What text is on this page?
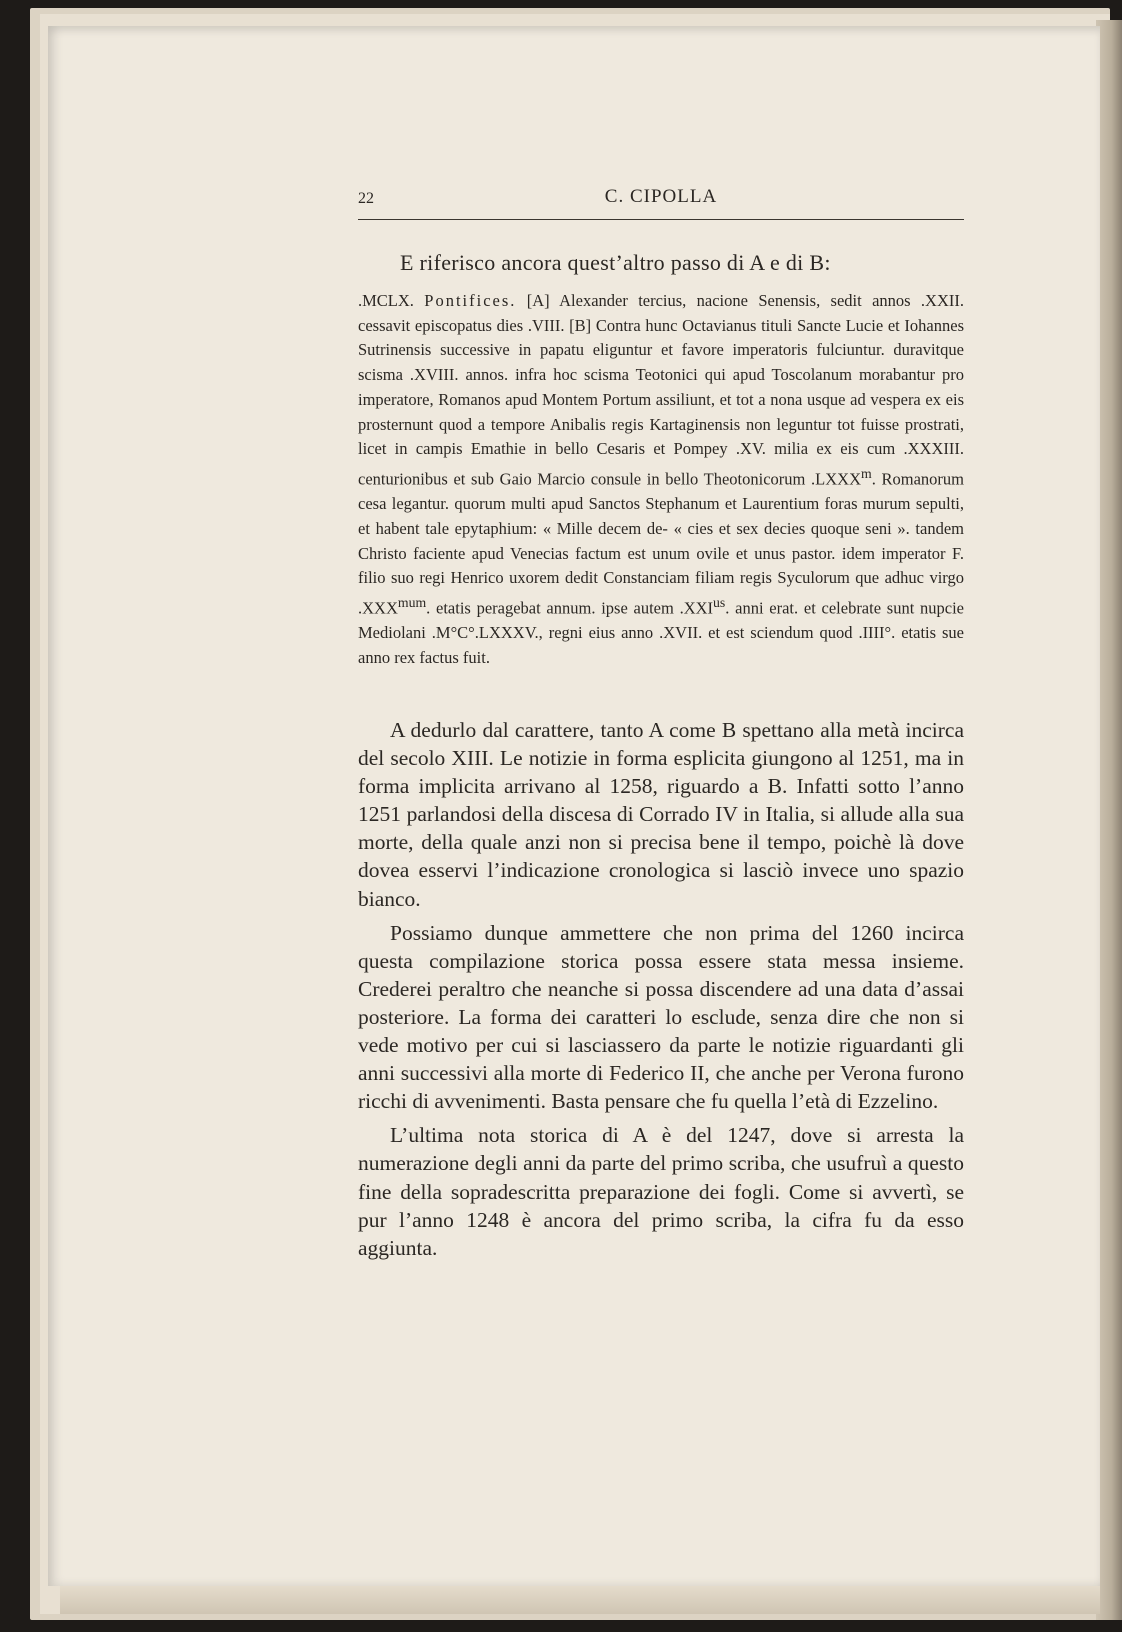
22	C. CIPOLLA
E riferisco ancora quest’altro passo di A e di B:
.MCLX. Pontifices. [A] Alexander tercius, nacione Senensis, sedit annos .XXII. cessavit episcopatus dies .VIII. [B] Contra hunc Octavianus tituli Sancte Lucie et Iohannes Sutrinensis successive in papatu eliguntur et favore imperatoris fulciuntur. duravitque scisma .XVIII. annos. infra hoc scisma Teotonici qui apud Toscolanum morabantur pro imperatore, Romanos apud Montem Portum assiliunt, et tot a nona usque ad vespera ex eis prosternunt quod a tempore Anibalis regis Kartaginensis non leguntur tot fuisse prostrati, licet in campis Emathie in bello Cesaris et Pompey .XV. milia ex eis cum .XXXIII. centurionibus et sub Gaio Marcio consule in bello Theotonicorum .LXXX$^m$. Romanorum cesa legantur. quorum multi apud Sanctos Stephanum et Laurentium foras murum sepulti, et habent tale epytaphium: « Mille decem de- « cies et sex decies quoque seni ». tandem Christo faciente apud Venecias factum est unum ovile et unus pastor. idem imperator F. filio suo regi Henrico uxorem dedit Constanciam filiam regis Syculorum que adhuc virgo $.XXX^{mum}$. etatis peragebat annum. ipse autem $.XXI^{us}$. anni erat. et celebrate sunt nupcie Mediolani .M°C°.LXXXV., regni eius anno .XVII. et est sciendum quod .IIII°. etatis sue anno rex factus fuit.

A dedurlo dal carattere, tanto A come B spettano alla metà incirca del secolo XIII. Le notizie in forma esplicita giungono al 1251, ma in forma implicita arrivano al 1258, riguardo a B. Infatti sotto l’anno 1251 parlandosi della discesa di Corrado IV in Italia, si allude alla sua morte, della quale anzi non si precisa bene il tempo, poichè là dove dovea esservi l’indicazione cronologica si lasciò invece uno spazio bianco.

Possiamo dunque ammettere che non prima del 1260 incirca questa compilazione storica possa essere stata messa insieme. Crederei peraltro che neanche si possa discendere ad una data d’assai posteriore. La forma dei caratteri lo esclude, senza dire che non si vede motivo per cui si lasciassero da parte le notizie riguardanti gli anni successivi alla morte di Federico II, che anche per Verona furono ricchi di avvenimenti. Basta pensare che fu quella l’età di Ezzelino.

L’ultima nota storica di A è del 1247, dove si arresta la numerazione degli anni da parte del primo scriba, che usufruì a questo fine della sopradescritta preparazione dei fogli. Come si avvertì, se pur l’anno 1248 è ancora del primo scriba, la cifra fu da esso aggiunta.
